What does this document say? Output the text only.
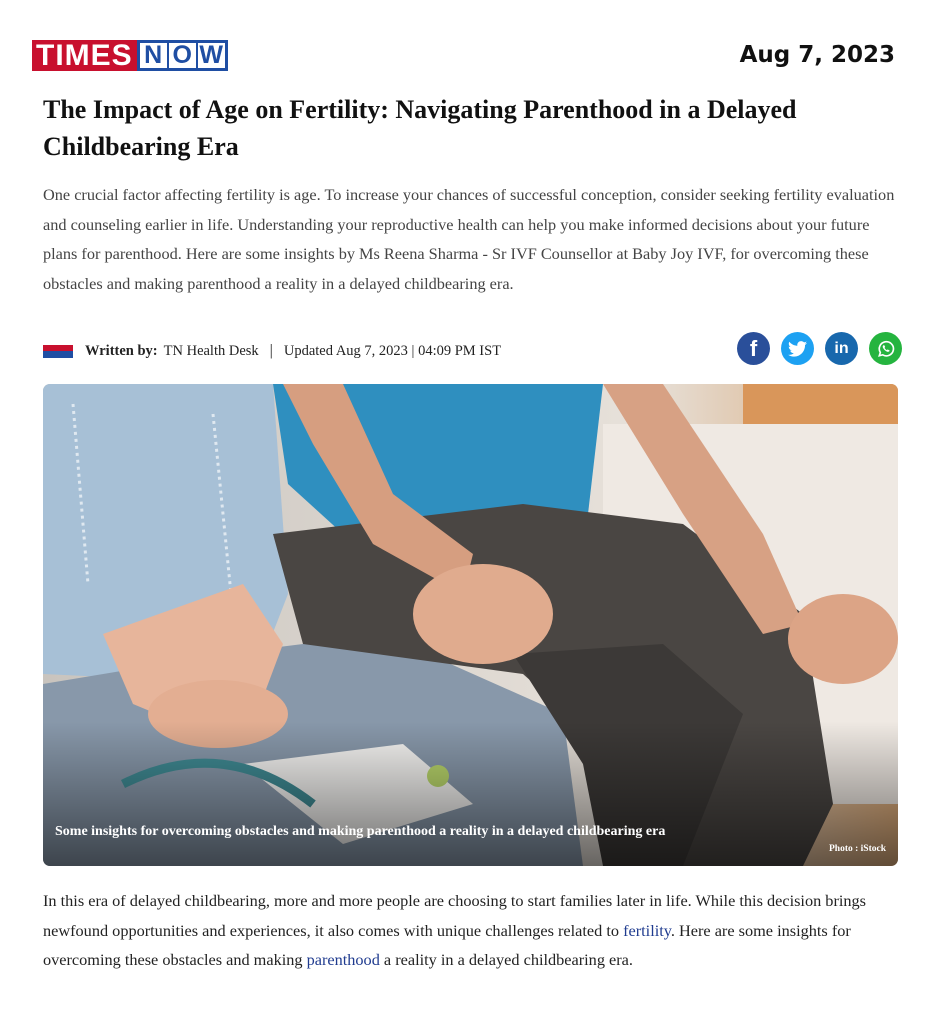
TIMES N O W	Aug 7, 2023
The Impact of Age on Fertility: Navigating Parenthood in a Delayed Childbearing Era

One crucial factor affecting fertility is age. To increase your chances of successful conception, consider seeking fertility evaluation and counseling earlier in life. Understanding your reproductive health can help you make informed decisions about your future plans for parenthood. Here are some insights by Ms Reena Sharma - Sr IVF Counsellor at Baby Joy IVF, for overcoming these obstacles and making parenthood a reality in a delayed childbearing era.

Written by: TN Health Desk | Updated Aug 7, 2023 | 04:09 PM IST	f	in
Some insights for overcoming obstacles and making parenthood a reality in a delayed childbearing era
Photo : iStock

In this era of delayed childbearing, more and more people are choosing to start families later in life. While this decision brings newfound opportunities and experiences, it also comes with unique challenges related to fertility. Here are some insights for overcoming these obstacles and making parenthood a reality in a delayed childbearing era.
